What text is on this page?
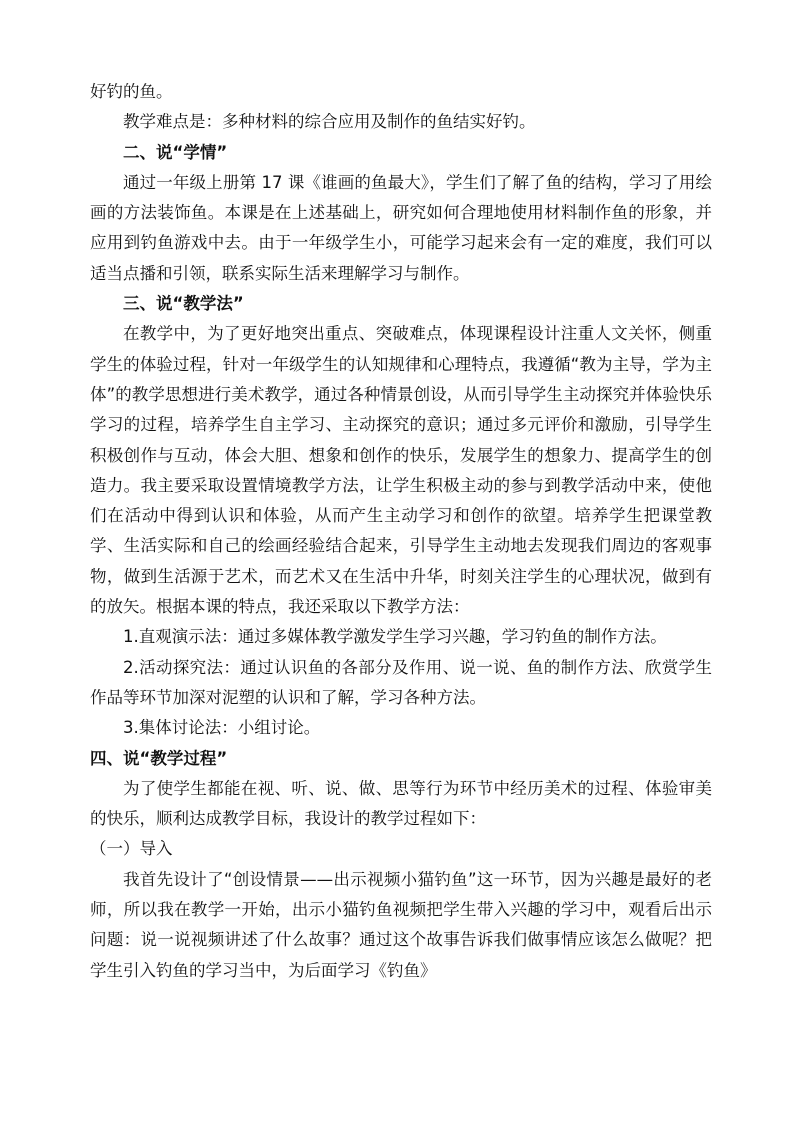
好钓的鱼。

教学难点是：多种材料的综合应用及制作的鱼结实好钓。

二、说“学情”

通过一年级上册第 17 课《谁画的鱼最大》，学生们了解了鱼的结构，学习了用绘画的方法装饰鱼。本课是在上述基础上，研究如何合理地使用材料制作鱼的形象，并应用到钓鱼游戏中去。由于一年级学生小，可能学习起来会有一定的难度，我们可以适当点播和引领，联系实际生活来理解学习与制作。

三、说“教学法”

在教学中，为了更好地突出重点、突破难点，体现课程设计注重人文关怀，侧重学生的体验过程，针对一年级学生的认知规律和心理特点，我遵循“教为主导，学为主体”的教学思想进行美术教学，通过各种情景创设，从而引导学生主动探究并体验快乐学习的过程，培养学生自主学习、主动探究的意识；通过多元评价和激励，引导学生积极创作与互动，体会大胆、想象和创作的快乐，发展学生的想象力、提高学生的创造力。我主要采取设置情境教学方法，让学生积极主动的参与到教学活动中来，使他们在活动中得到认识和体验，从而产生主动学习和创作的欲望。培养学生把课堂教学、生活实际和自己的绘画经验结合起来，引导学生主动地去发现我们周边的客观事物，做到生活源于艺术，而艺术又在生活中升华，时刻关注学生的心理状况，做到有的放矢。根据本课的特点，我还采取以下教学方法：

1.直观演示法：通过多媒体教学激发学生学习兴趣，学习钓鱼的制作方法。

2.活动探究法：通过认识鱼的各部分及作用、说一说、鱼的制作方法、欣赏学生作品等环节加深对泥塑的认识和了解，学习各种方法。

3.集体讨论法：小组讨论。

四、说“教学过程”

为了使学生都能在视、听、说、做、思等行为环节中经历美术的过程、体验审美的快乐，顺利达成教学目标，我设计的教学过程如下：

（一）导入

我首先设计了“创设情景——出示视频小猫钓鱼”这一环节，因为兴趣是最好的老师，所以我在教学一开始，出示小猫钓鱼视频把学生带入兴趣的学习中，观看后出示问题：说一说视频讲述了什么故事？通过这个故事告诉我们做事情应该怎么做呢？把学生引入钓鱼的学习当中，为后面学习《钓鱼》
